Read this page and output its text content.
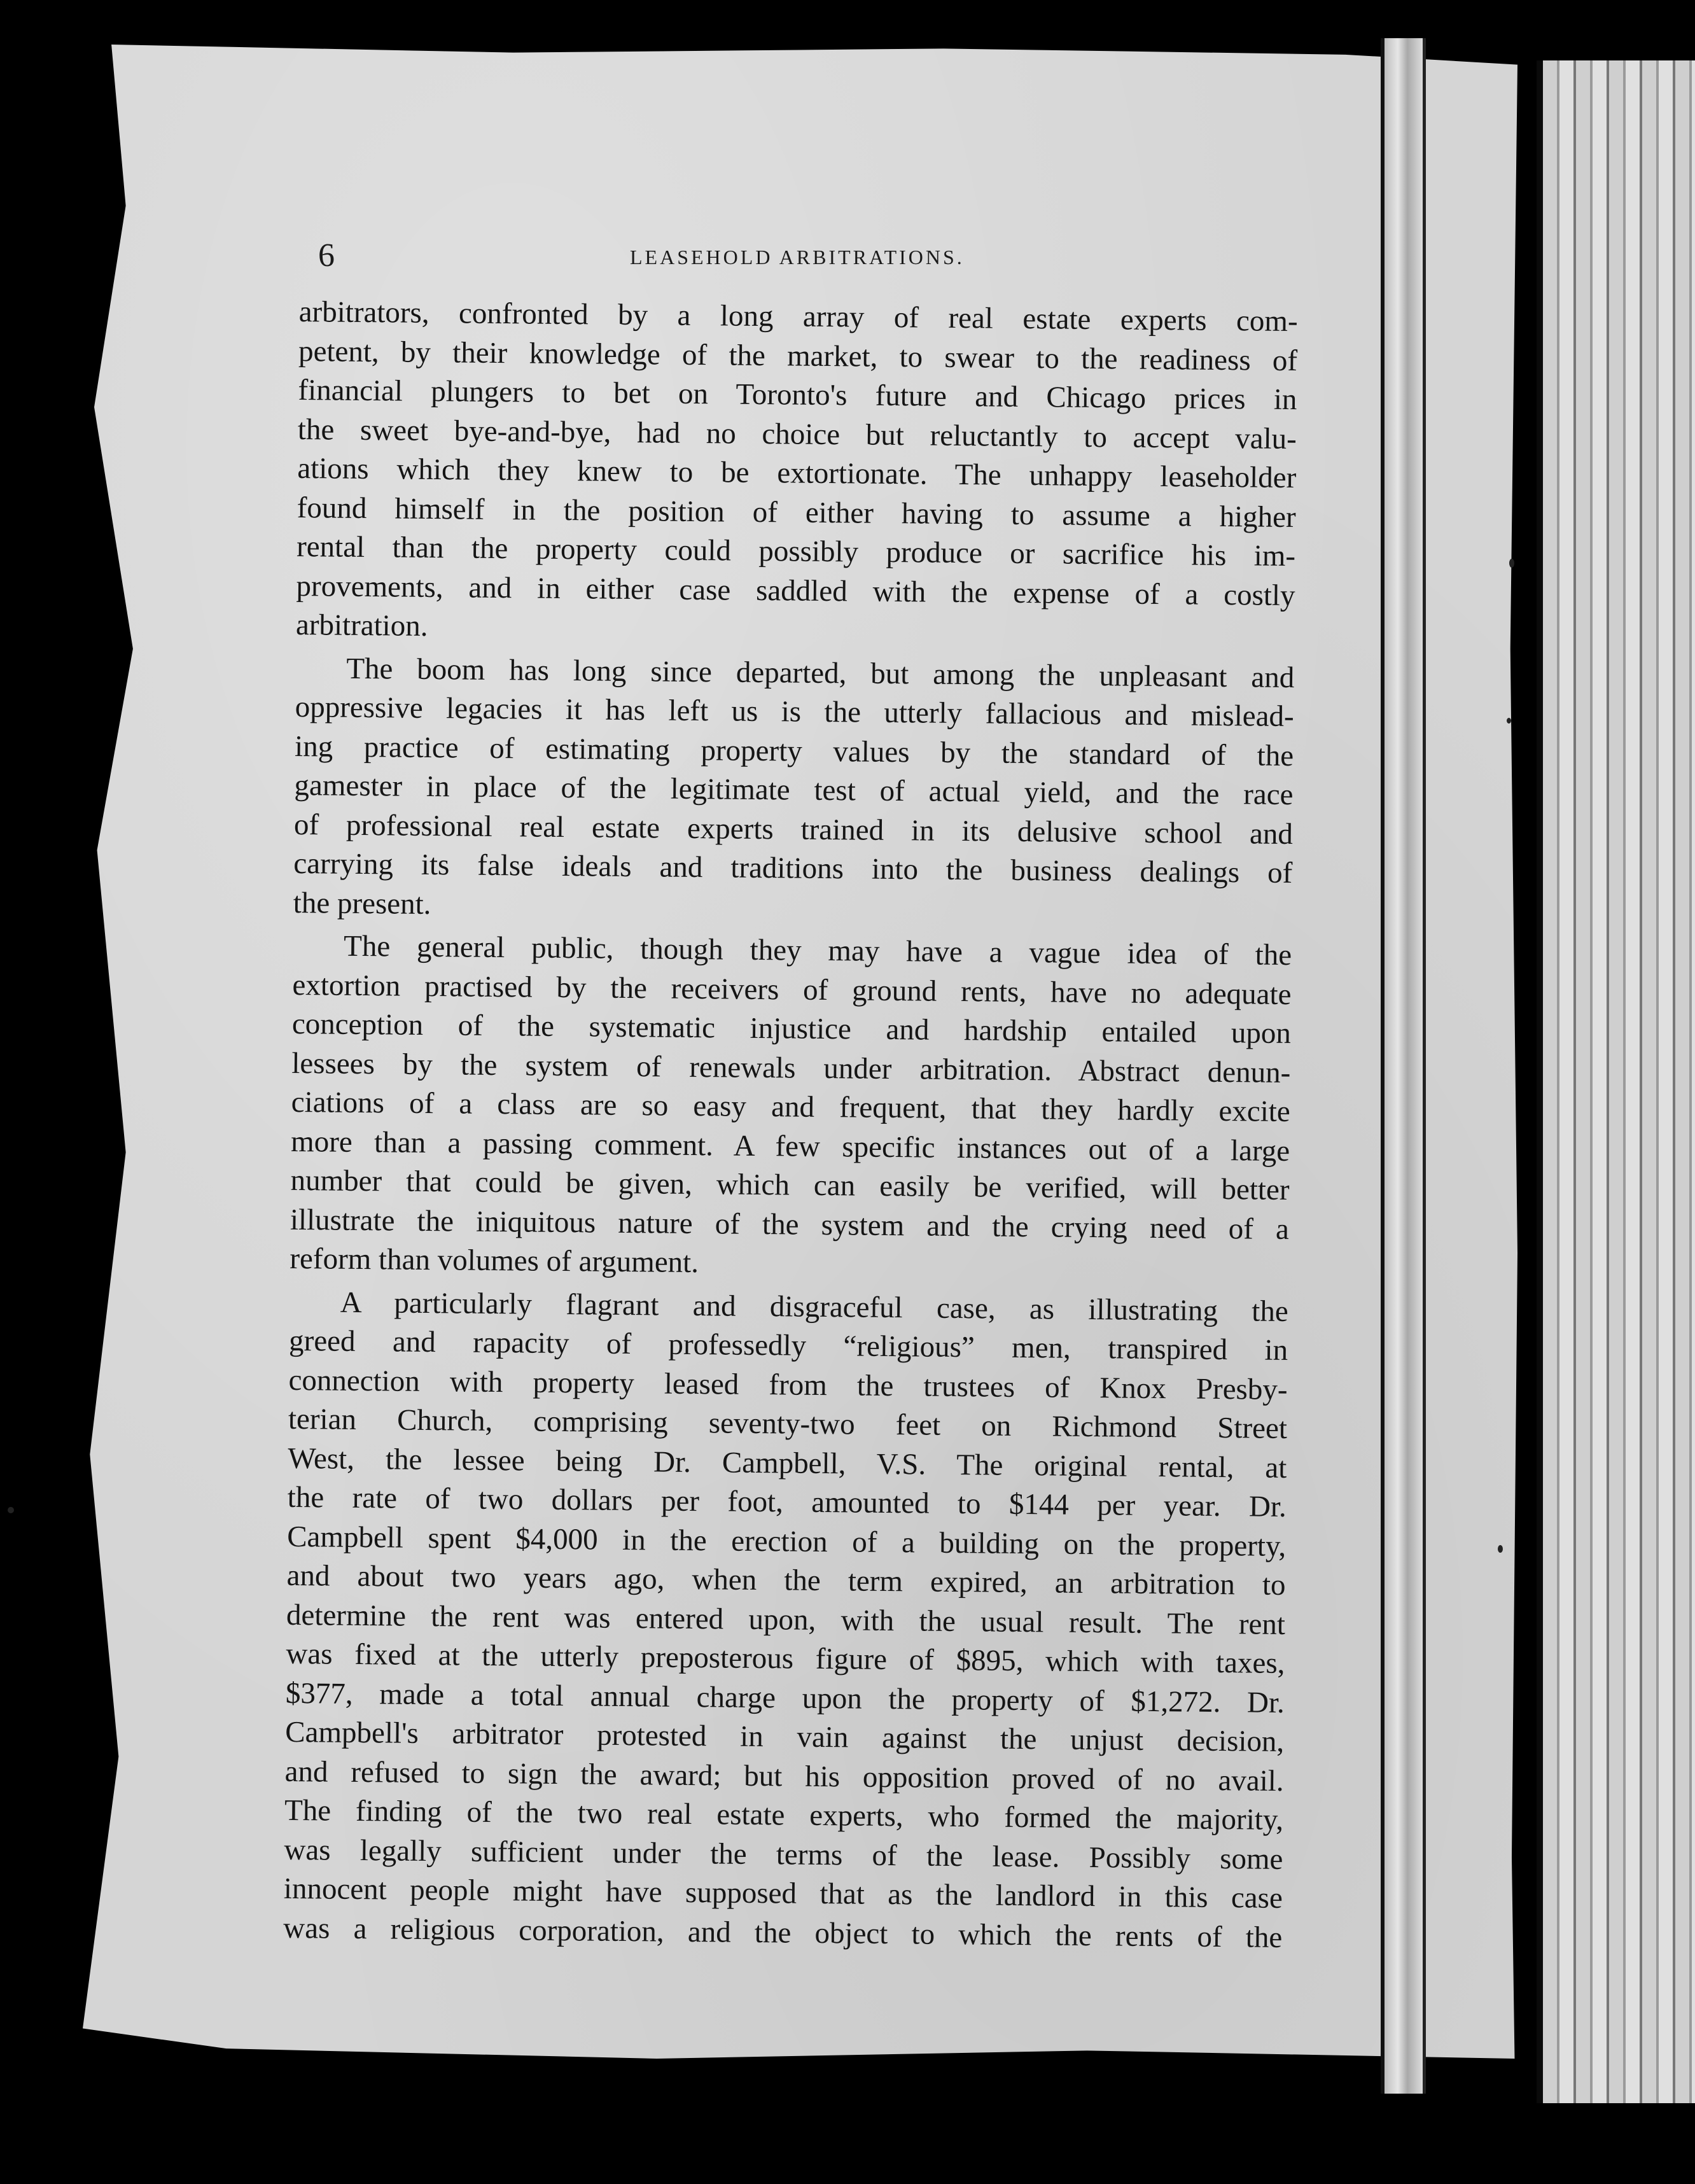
6	LEASEHOLD ARBITRATIONS.
arbitrators, confronted by a long array of real estate experts com-
petent, by their knowledge of the market, to swear to the readiness of
financial plungers to bet on Toronto's future and Chicago prices in
the sweet bye-and-bye, had no choice but reluctantly to accept valu-
ations which they knew to be extortionate. The unhappy leaseholder
found himself in the position of either having to assume a higher
rental than the property could possibly produce or sacrifice his im-
provements, and in either case saddled with the expense of a costly
arbitration.
The boom has long since departed, but among the unpleasant and
oppressive legacies it has left us is the utterly fallacious and mislead-
ing practice of estimating property values by the standard of the
gamester in place of the legitimate test of actual yield, and the race
of professional real estate experts trained in its delusive school and
carrying its false ideals and traditions into the business dealings of
the present.
The general public, though they may have a vague idea of the
extortion practised by the receivers of ground rents, have no adequate
conception of the systematic injustice and hardship entailed upon
lessees by the system of renewals under arbitration. Abstract denun-
ciations of a class are so easy and frequent, that they hardly excite
more than a passing comment. A few specific instances out of a large
number that could be given, which can easily be verified, will better
illustrate the iniquitous nature of the system and the crying need of a
reform than volumes of argument.
A particularly flagrant and disgraceful case, as illustrating the
greed and rapacity of professedly “religious” men, transpired in
connection with property leased from the trustees of Knox Presby-
terian Church, comprising seventy-two feet on Richmond Street
West, the lessee being Dr. Campbell, V.S. The original rental, at
the rate of two dollars per foot, amounted to $144 per year. Dr.
Campbell spent $4,000 in the erection of a building on the property,
and about two years ago, when the term expired, an arbitration to
determine the rent was entered upon, with the usual result. The rent
was fixed at the utterly preposterous figure of $895, which with taxes,
$377, made a total annual charge upon the property of $1,272. Dr.
Campbell's arbitrator protested in vain against the unjust decision,
and refused to sign the award; but his opposition proved of no avail.
The finding of the two real estate experts, who formed the majority,
was legally sufficient under the terms of the lease. Possibly some
innocent people might have supposed that as the landlord in this case
was a religious corporation, and the object to which the rents of the
